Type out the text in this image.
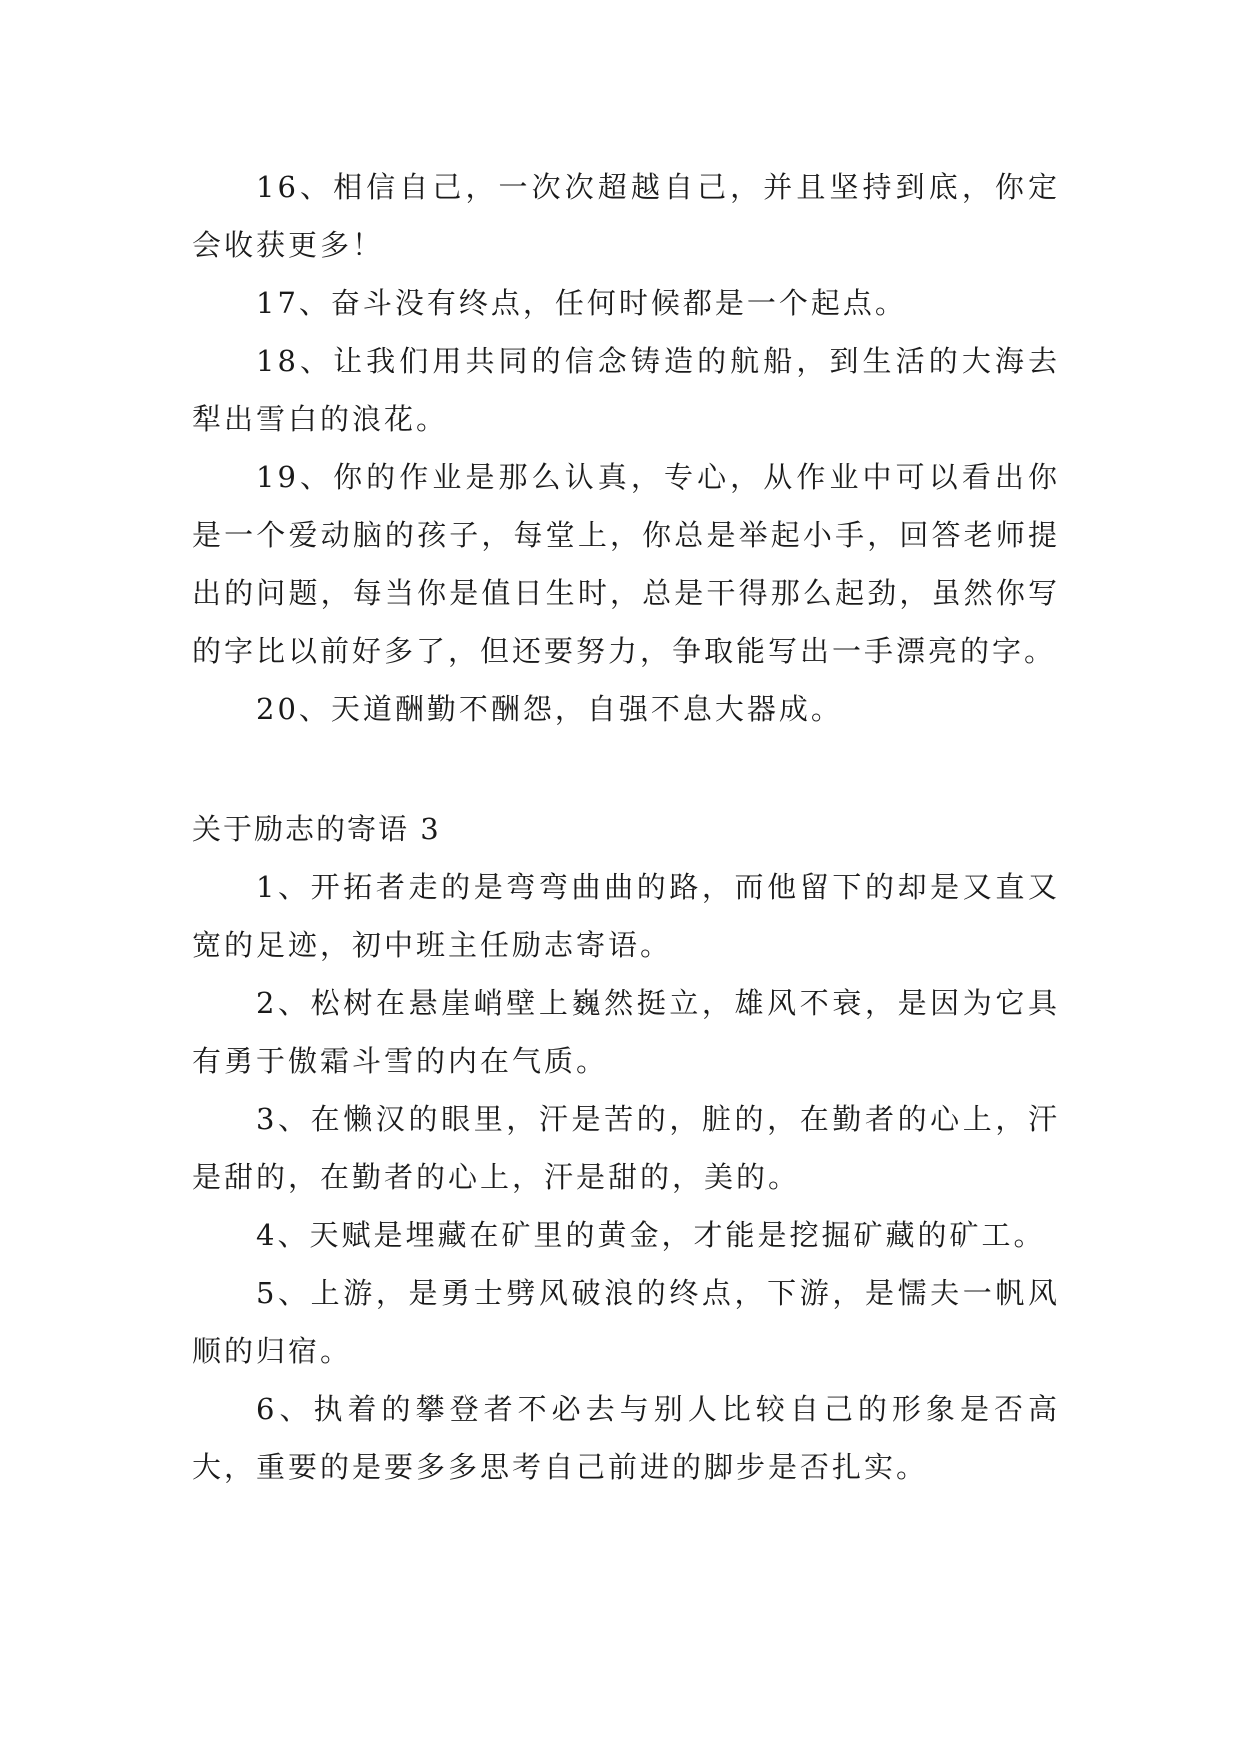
16、相信自己，一次次超越自己，并且坚持到底，你定会收获更多！

17、奋斗没有终点，任何时候都是一个起点。

18、让我们用共同的信念铸造的航船，到生活的大海去犁出雪白的浪花。

19、你的作业是那么认真，专心，从作业中可以看出你是一个爱动脑的孩子，每堂上，你总是举起小手，回答老师提出的问题，每当你是值日生时，总是干得那么起劲，虽然你写的字比以前好多了，但还要努力，争取能写出一手漂亮的字。

20、天道酬勤不酬怨，自强不息大器成。

关于励志的寄语 3

1、开拓者走的是弯弯曲曲的路，而他留下的却是又直又宽的足迹，初中班主任励志寄语。

2、松树在悬崖峭壁上巍然挺立，雄风不衰，是因为它具有勇于傲霜斗雪的内在气质。

3、在懒汉的眼里，汗是苦的，脏的，在勤者的心上，汗是甜的，在勤者的心上，汗是甜的，美的。

4、天赋是埋藏在矿里的黄金，才能是挖掘矿藏的矿工。

5、上游，是勇士劈风破浪的终点，下游，是懦夫一帆风顺的归宿。

6、执着的攀登者不必去与别人比较自己的形象是否高大，重要的是要多多思考自己前进的脚步是否扎实。
